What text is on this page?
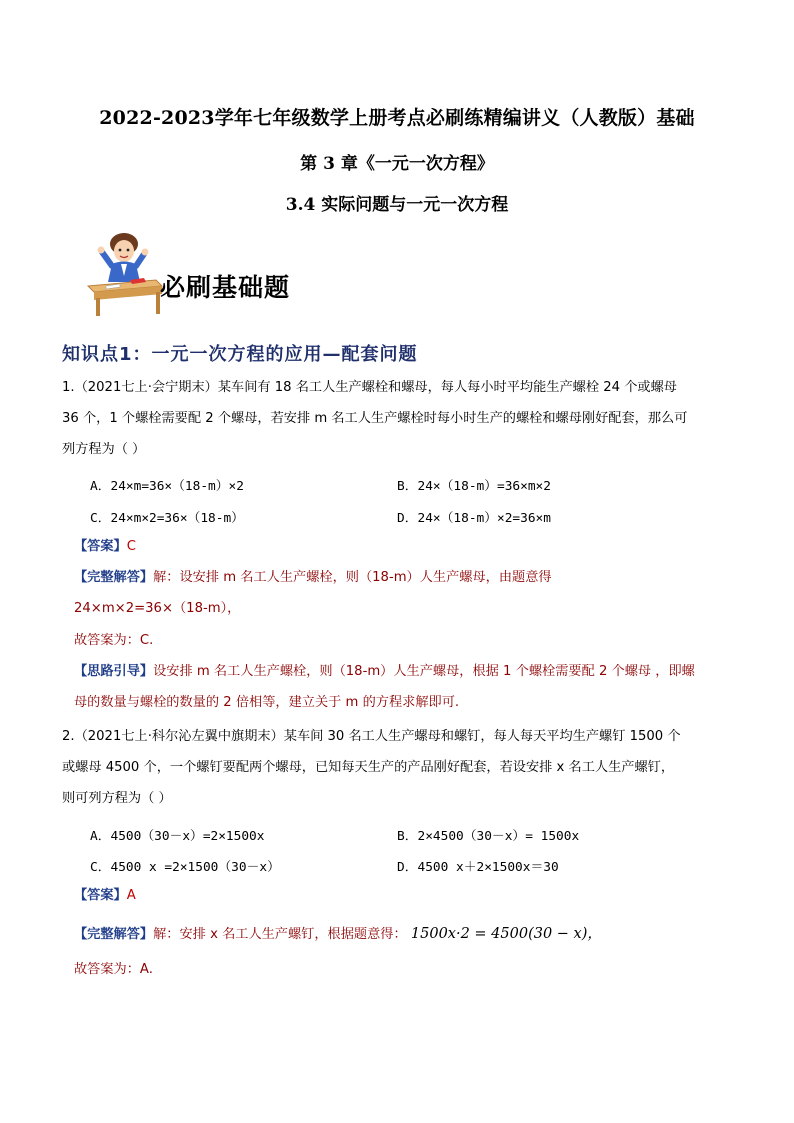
2022-2023学年七年级数学上册考点必刷练精编讲义（人教版）基础
第 3 章《一元一次方程》
3.4 实际问题与一元一次方程
必刷基础题
知识点1：一元一次方程的应用—配套问题
1.（2021七上·会宁期末）某车间有 18 名工人生产螺栓和螺母，每人每小时平均能生产螺栓 24 个或螺母
36 个，1 个螺栓需要配 2 个螺母，若安排 m 名工人生产螺栓时每小时生产的螺栓和螺母刚好配套，那么可
列方程为（ ）
A．24×m=36×（18-m）×2	B．24×（18-m）=36×m×2
C．24×m×2=36×（18-m）	D．24×（18-m）×2=36×m
【答案】C
【完整解答】解：设安排 m 名工人生产螺栓，则（18-m）人生产螺母，由题意得
24×m×2=36×（18-m），
故答案为：C.
【思路引导】设安排 m 名工人生产螺栓，则（18-m）人生产螺母，根据 1 个螺栓需要配 2 个螺母 ，即螺
母的数量与螺栓的数量的 2 倍相等，建立关于 m 的方程求解即可.
2.（2021七上·科尔沁左翼中旗期末）某车间 30 名工人生产螺母和螺钉，每人每天平均生产螺钉 1500 个
或螺母 4500 个，一个螺钉要配两个螺母，已知每天生产的产品刚好配套，若设安排 x 名工人生产螺钉，
则可列方程为（ ）
A．4500（30－x）=2×1500x	B．2×4500（30－x）= 1500x
C．4500 x =2×1500（30－x）	D．4500 x＋2×1500x＝30
【答案】A
【完整解答】解：安排 x 名工人生产螺钉，根据题意得： 1500x·2 = 4500(30 − x)，
故答案为：A.
